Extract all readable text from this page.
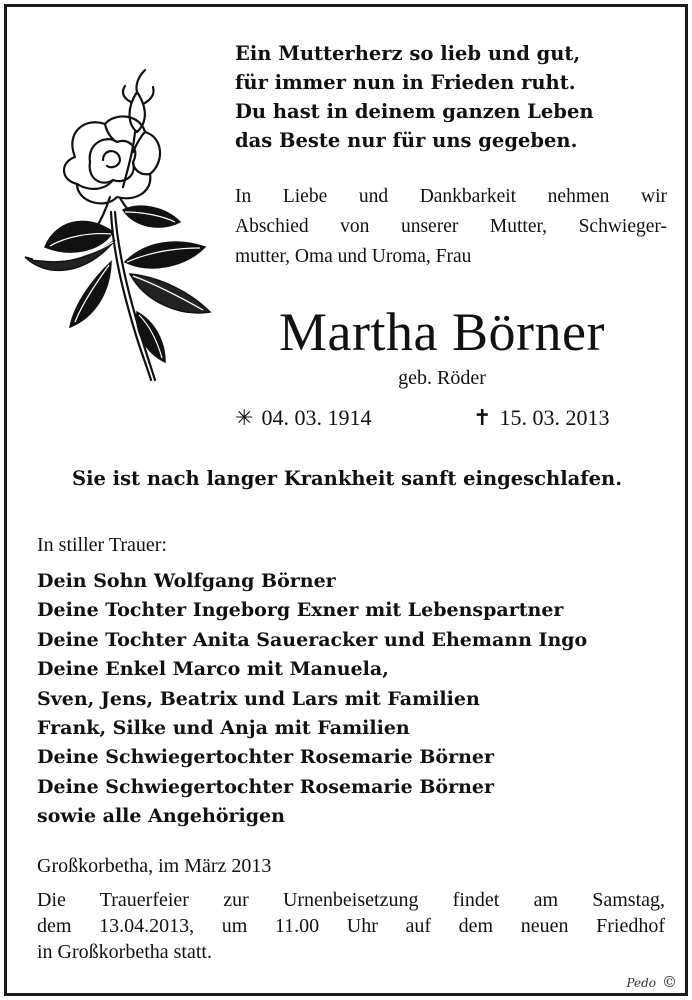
Ein Mutterherz so lieb und gut,
für immer nun in Frieden ruht.
Du hast in deinem ganzen Leben
das Beste nur für uns gegeben.
In Liebe und Dankbarkeit nehmen wir
Abschied von unserer Mutter, Schwieger-
mutter, Oma und Uroma, Frau
Martha Börner
geb. Röder
✳ 04. 03. 1914	✝ 15. 03. 2013
Sie ist nach langer Krankheit sanft eingeschlafen.
In stiller Trauer:
Dein Sohn Wolfgang Börner
Deine Tochter Ingeborg Exner mit Lebenspartner
Deine Tochter Anita Saueracker und Ehemann Ingo
Deine Enkel Marco mit Manuela,
Sven, Jens, Beatrix und Lars mit Familien
Frank, Silke und Anja mit Familien
Deine Schwiegertochter Rosemarie Börner
Deine Schwiegertochter Rosemarie Börner
sowie alle Angehörigen
Großkorbetha, im März 2013
Die Trauerfeier zur Urnenbeisetzung findet am Samstag,
dem 13.04.2013, um 11.00 Uhr auf dem neuen Friedhof
in Großkorbetha statt.
Pedo ©
